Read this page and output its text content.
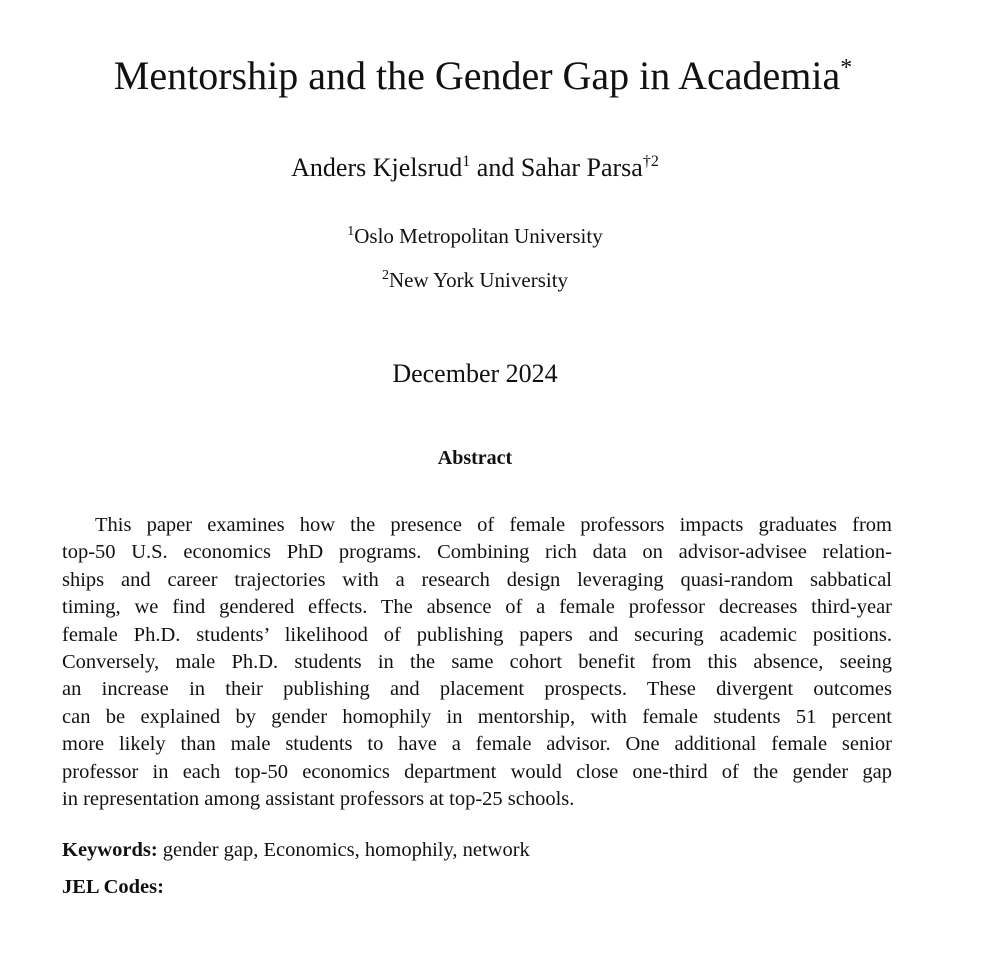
Mentorship and the Gender Gap in Academia*
Anders Kjelsrud$^1$ and Sahar Parsa$^{\dagger 2}$
$^1$Oslo Metropolitan University
$^2$New York University
December 2024
Abstract
This paper examines how the presence of female professors impacts graduates from
top-50 U.S. economics PhD programs. Combining rich data on advisor-advisee relation-
ships and career trajectories with a research design leveraging quasi-random sabbatical
timing, we find gendered effects. The absence of a female professor decreases third-year
female Ph.D. students’ likelihood of publishing papers and securing academic positions.
Conversely, male Ph.D. students in the same cohort benefit from this absence, seeing
an increase in their publishing and placement prospects. These divergent outcomes
can be explained by gender homophily in mentorship, with female students 51 percent
more likely than male students to have a female advisor. One additional female senior
professor in each top-50 economics department would close one-third of the gender gap
in representation among assistant professors at top-25 schools.
Keywords: gender gap, Economics, homophily, network
JEL Codes:
